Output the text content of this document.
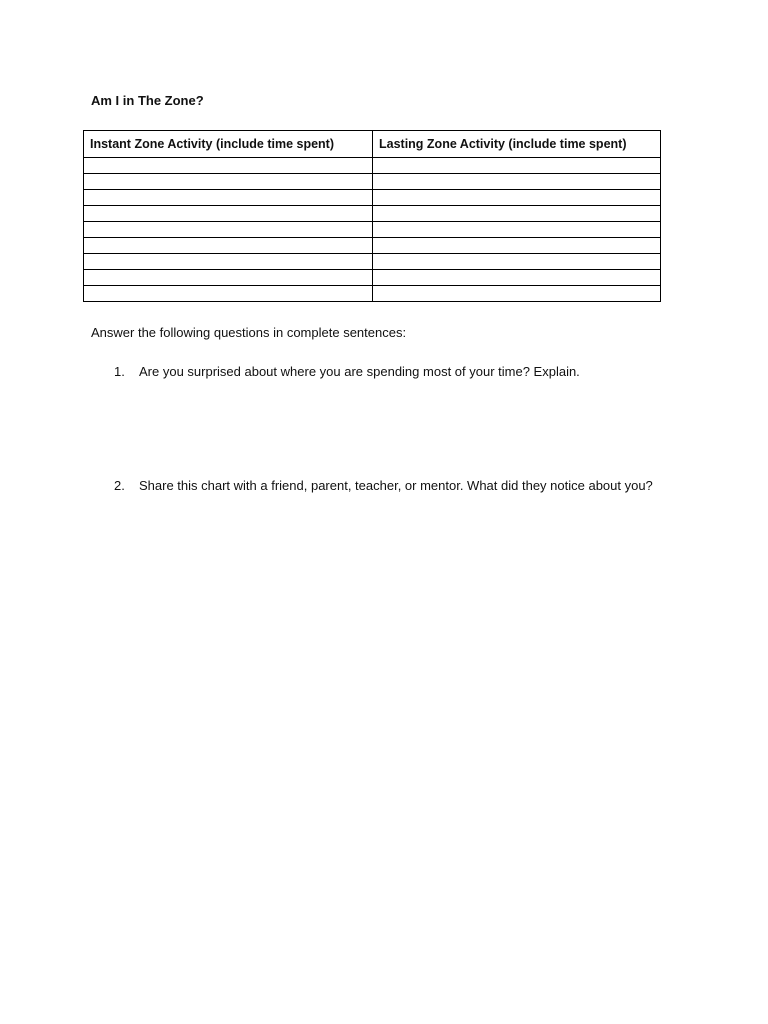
Am I in The Zone?
Instant Zone Activity (include time spent)	Lasting Zone Activity (include time spent)

Answer the following questions in complete sentences:
1.	Are you surprised about where you are spending most of your time? Explain.
2.	Share this chart with a friend, parent, teacher, or mentor. What did they notice about you?
